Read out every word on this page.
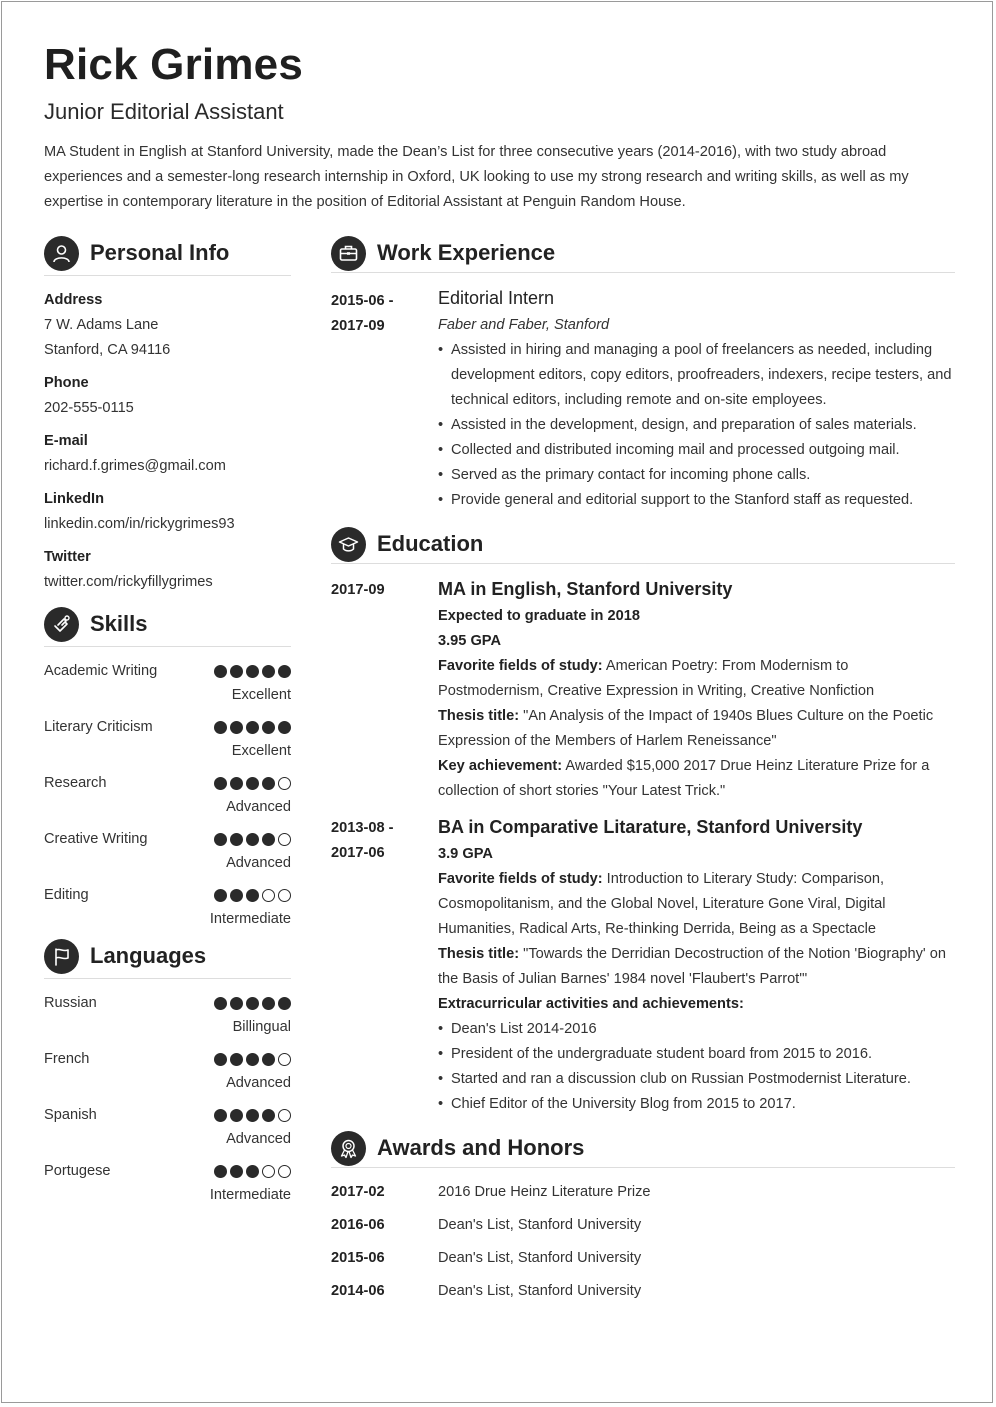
Rick Grimes
Junior Editorial Assistant
MA Student in English at Stanford University, made the Dean’s List for three consecutive years (2014-2016), with two study abroad experiences and a semester-long research internship in Oxford, UK looking to use my strong research and writing skills, as well as my expertise in contemporary literature in the position of Editorial Assistant at Penguin Random House.
Personal Info
Address
7 W. Adams Lane
Stanford, CA 94116
Phone
202-555-0115
E-mail
richard.f.grimes@gmail.com
LinkedIn
linkedin.com/in/rickygrimes93
Twitter
twitter.com/rickyfillygrimes
Skills
Academic Writing
Excellent
Literary Criticism
Excellent
Research
Advanced
Creative Writing
Advanced
Editing
Intermediate
Languages
Russian
Billingual
French
Advanced
Spanish
Advanced
Portugese
Intermediate
Work Experience
2015-06 -
2017-09
Editorial Intern
Faber and Faber, Stanford
• Assisted in hiring and managing a pool of freelancers as needed, including development editors, copy editors, proofreaders, indexers, recipe testers, and technical editors, including remote and on-site employees.
• Assisted in the development, design, and preparation of sales materials.
• Collected and distributed incoming mail and processed outgoing mail.
• Served as the primary contact for incoming phone calls.
• Provide general and editorial support to the Stanford staff as requested.
Education
2017-09	MA in English, Stanford University
Expected to graduate in 2018
3.95 GPA
Favorite fields of study: American Poetry: From Modernism to Postmodernism, Creative Expression in Writing, Creative Nonfiction
Thesis title: "An Analysis of the Impact of 1940s Blues Culture on the Poetic Expression of the Members of Harlem Reneissance"
Key achievement: Awarded $15,000 2017 Drue Heinz Literature Prize for a collection of short stories "Your Latest Trick."
2013-08 -
2017-06
BA in Comparative Litarature, Stanford University
3.9 GPA
Favorite fields of study: Introduction to Literary Study: Comparison, Cosmopolitanism, and the Global Novel, Literature Gone Viral, Digital Humanities, Radical Arts, Re-thinking Derrida, Being as a Spectacle
Thesis title: "Towards the Derridian Decostruction of the Notion 'Biography' on the Basis of Julian Barnes' 1984 novel 'Flaubert's Parrot'"
Extracurricular activities and achievements:
• Dean's List 2014-2016
• President of the undergraduate student board from 2015 to 2016.
• Started and ran a discussion club on Russian Postmodernist Literature.
• Chief Editor of the University Blog from 2015 to 2017.
Awards and Honors
2017-02	2016 Drue Heinz Literature Prize
2016-06	Dean's List, Stanford University
2015-06	Dean's List, Stanford University
2014-06	Dean's List, Stanford University
